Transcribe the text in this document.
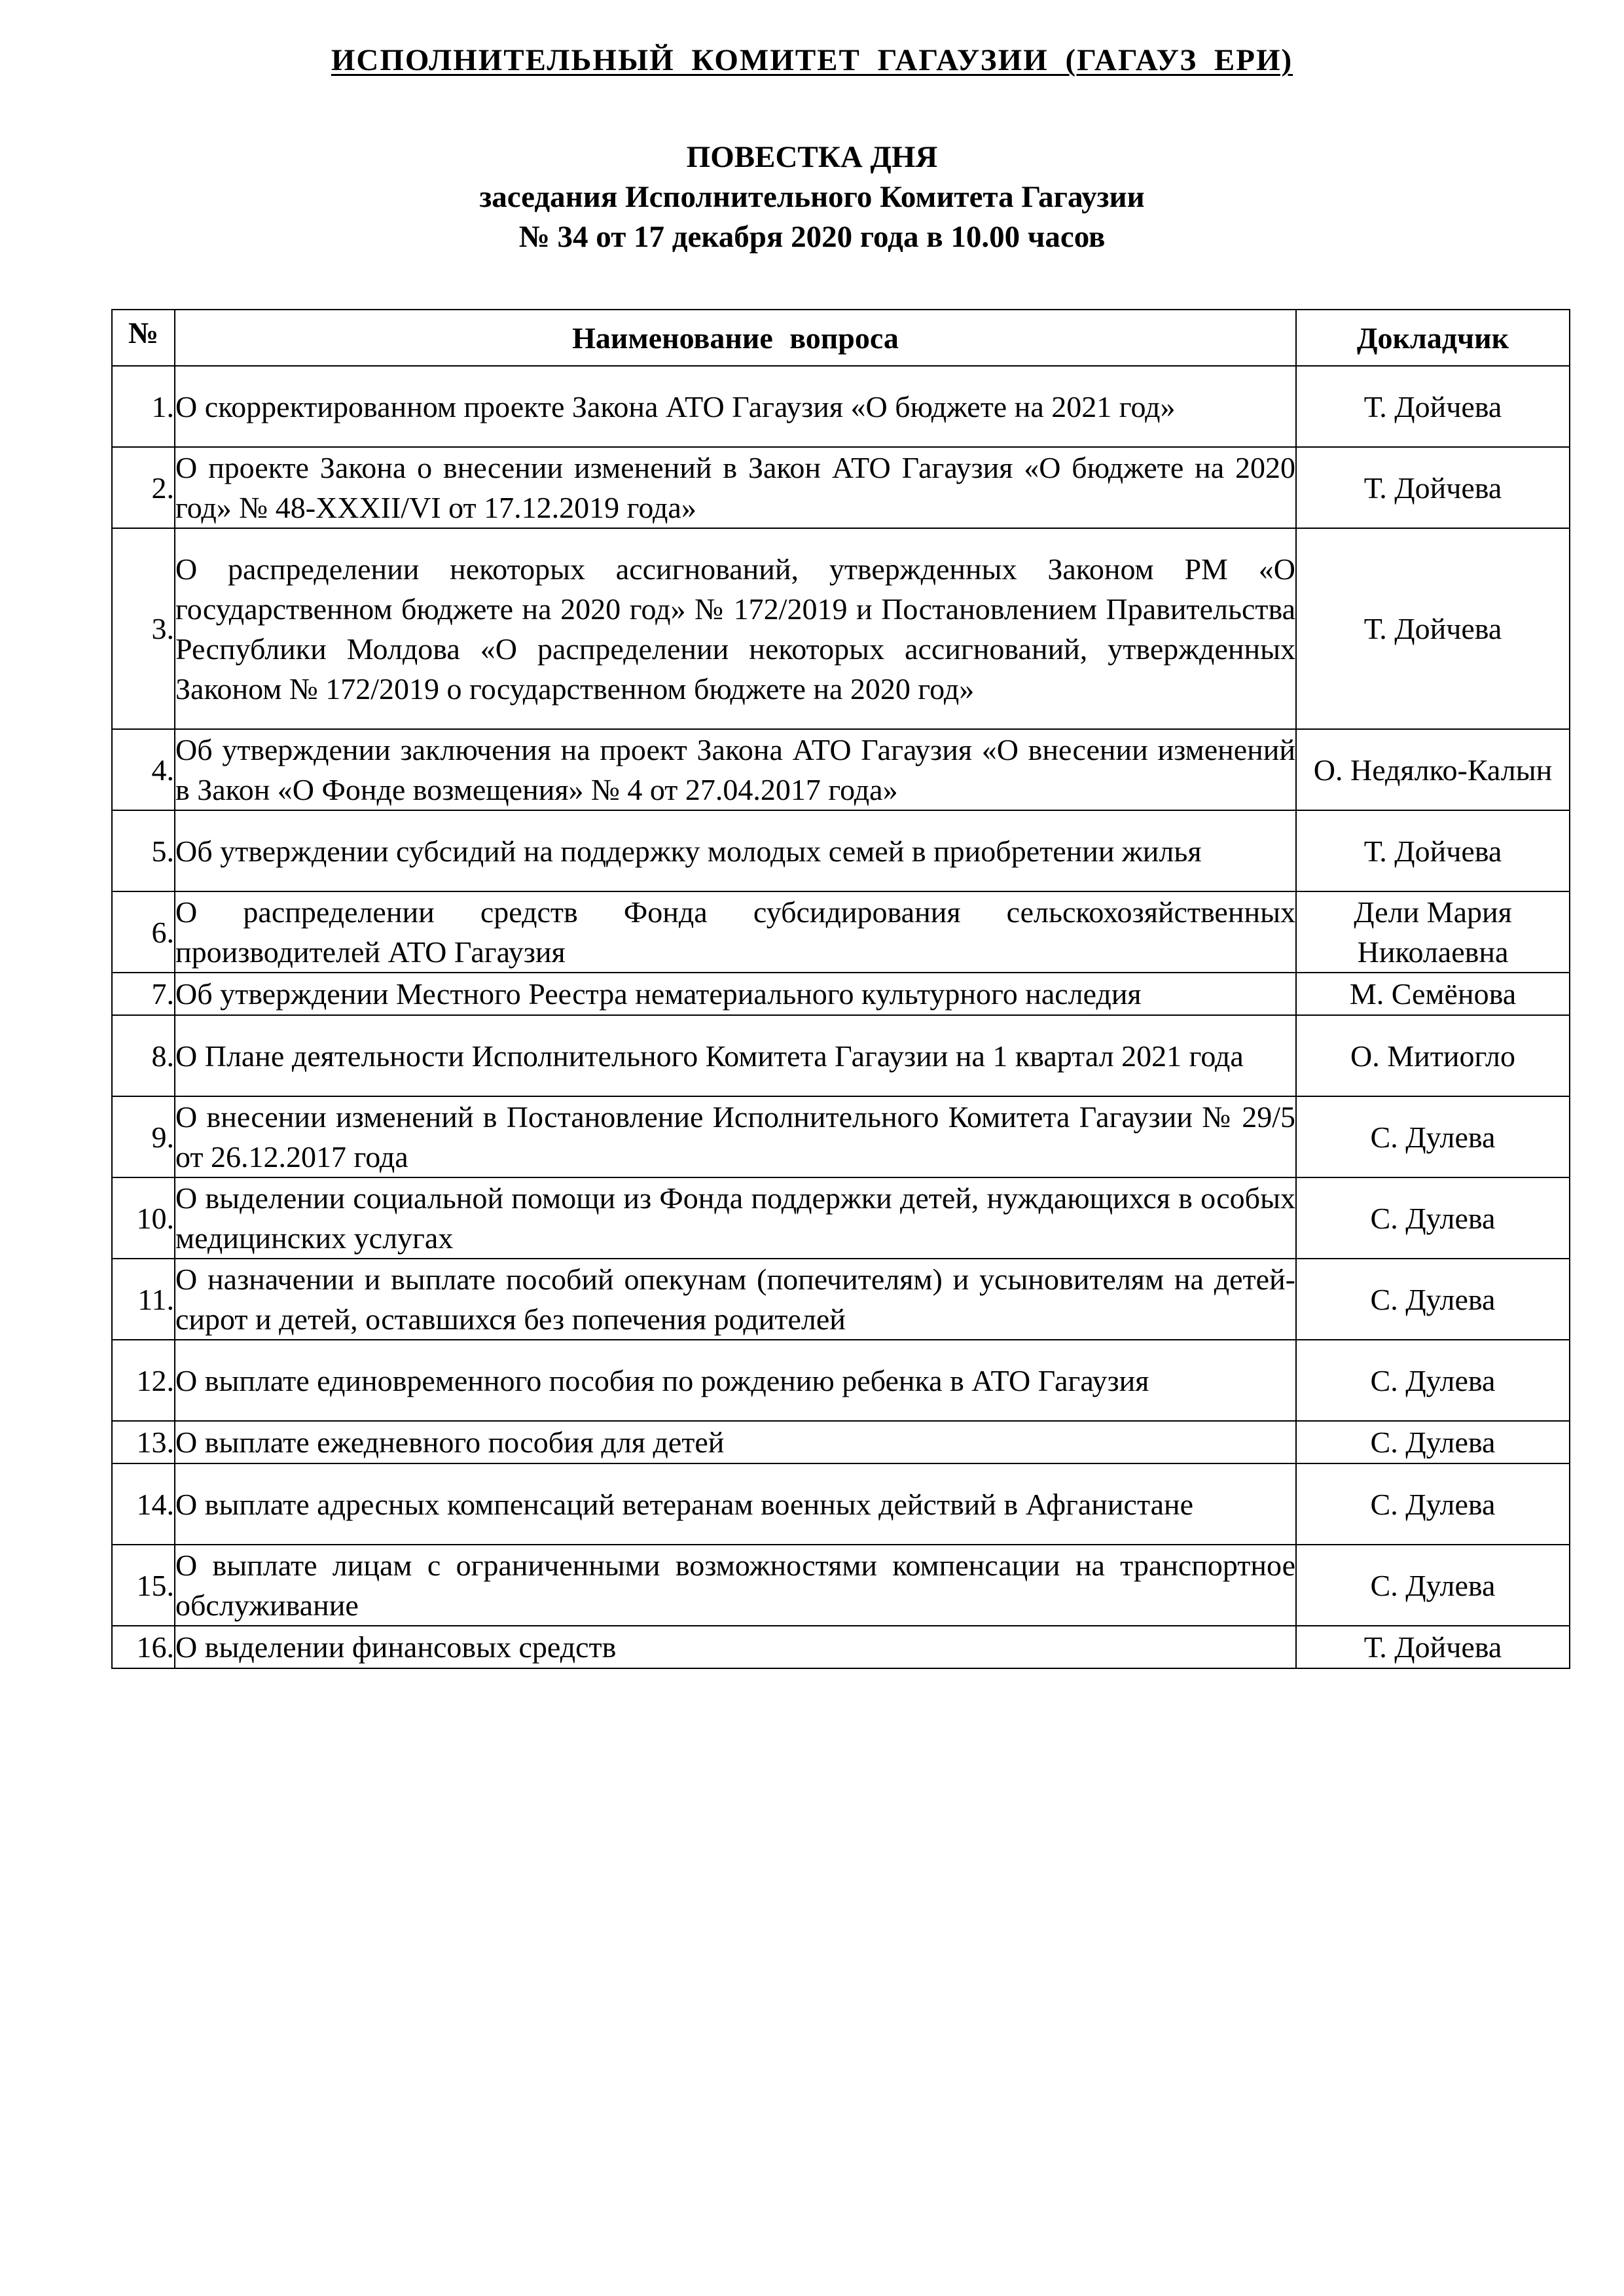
ИСПОЛНИТЕЛЬНЫЙ КОМИТЕТ ГАГАУЗИИ (ГАГАУЗ ЕРИ)
ПОВЕСТКА ДНЯ
заседания Исполнительного Комитета Гагаузии
№ 34 от 17 декабря 2020 года в 10.00 часов
№	Наименование вопроса	Докладчик
1.	О скорректированном проекте Закона АТО Гагаузия «О бюджете на 2021 год»	Т. Дойчева
2.	О проекте Закона о внесении изменений в Закон АТО Гагаузия «О бюджете на 2020 год» № 48-XXXII/VI от 17.12.2019 года»	Т. Дойчева
3.	О распределении некоторых ассигнований, утвержденных Законом РМ «О государственном бюджете на 2020 год» № 172/2019 и Постановлением Правительства Республики Молдова «О распределении некоторых ассигнований, утвержденных Законом № 172/2019 о государственном бюджете на 2020 год»	Т. Дойчева
4.	Об утверждении заключения на проект Закона АТО Гагаузия «О внесении изменений в Закон «О Фонде возмещения» № 4 от 27.04.2017 года»	О. Недялко-Калын
5.	Об утверждении субсидий на поддержку молодых семей в приобретении жилья	Т. Дойчева
6.	О распределении средств Фонда субсидирования сельскохозяйственных производителей АТО Гагаузия	Дели Мария Николаевна
7.	Об утверждении Местного Реестра нематериального культурного наследия	М. Семёнова
8.	О Плане деятельности Исполнительного Комитета Гагаузии на 1 квартал 2021 года	О. Митиогло
9.	О внесении изменений в Постановление Исполнительного Комитета Гагаузии № 29/5 от 26.12.2017 года	С. Дулева
10.	О выделении социальной помощи из Фонда поддержки детей, нуждающихся в особых медицинских услугах	С. Дулева
11.	О назначении и выплате пособий опекунам (попечителям) и усыновителям на детей-сирот и детей, оставшихся без попечения родителей	С. Дулева
12.	О выплате единовременного пособия по рождению ребенка в АТО Гагаузия	С. Дулева
13.	О выплате ежедневного пособия для детей	С. Дулева
14.	О выплате адресных компенсаций ветеранам военных действий в Афганистане	С. Дулева
15.	О выплате лицам с ограниченными возможностями компенсации на транспортное обслуживание	С. Дулева
16.	О выделении финансовых средств	Т. Дойчева
